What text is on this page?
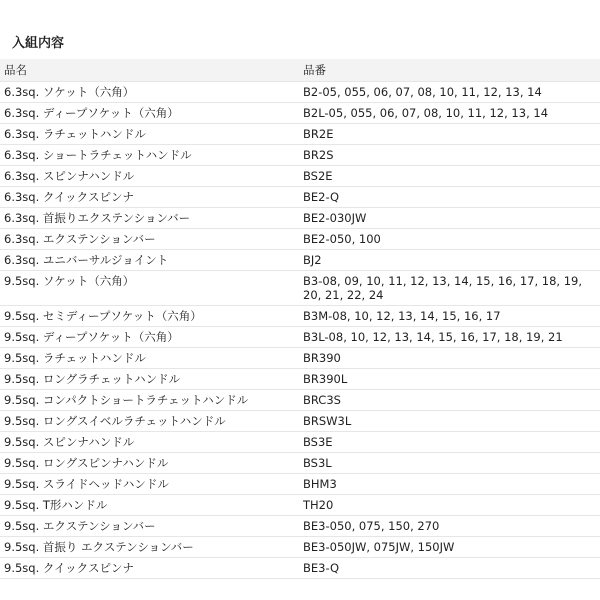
入組内容
品名	品番
6.3sq. ソケット（六角）	B2-05, 055, 06, 07, 08, 10, 11, 12, 13, 14
6.3sq. ディープソケット（六角）	B2L-05, 055, 06, 07, 08, 10, 11, 12, 13, 14
6.3sq. ラチェットハンドル	BR2E
6.3sq. ショートラチェットハンドル	BR2S
6.3sq. スピンナハンドル	BS2E
6.3sq. クイックスピンナ	BE2-Q
6.3sq. 首振りエクステンションバー	BE2-030JW
6.3sq. エクステンションバー	BE2-050, 100
6.3sq. ユニバーサルジョイント	BJ2
9.5sq. ソケット（六角）	B3-08, 09, 10, 11, 12, 13, 14, 15, 16, 17, 18, 19, 20, 21, 22, 24
9.5sq. セミディープソケット（六角）	B3M-08, 10, 12, 13, 14, 15, 16, 17
9.5sq. ディープソケット（六角）	B3L-08, 10, 12, 13, 14, 15, 16, 17, 18, 19, 21
9.5sq. ラチェットハンドル	BR390
9.5sq. ロングラチェットハンドル	BR390L
9.5sq. コンパクトショートラチェットハンドル	BRC3S
9.5sq. ロングスイベルラチェットハンドル	BRSW3L
9.5sq. スピンナハンドル	BS3E
9.5sq. ロングスピンナハンドル	BS3L
9.5sq. スライドヘッドハンドル	BHM3
9.5sq. T形ハンドル	TH20
9.5sq. エクステンションバー	BE3-050, 075, 150, 270
9.5sq. 首振り エクステンションバー	BE3-050JW, 075JW, 150JW
9.5sq. クイックスピンナ	BE3-Q
